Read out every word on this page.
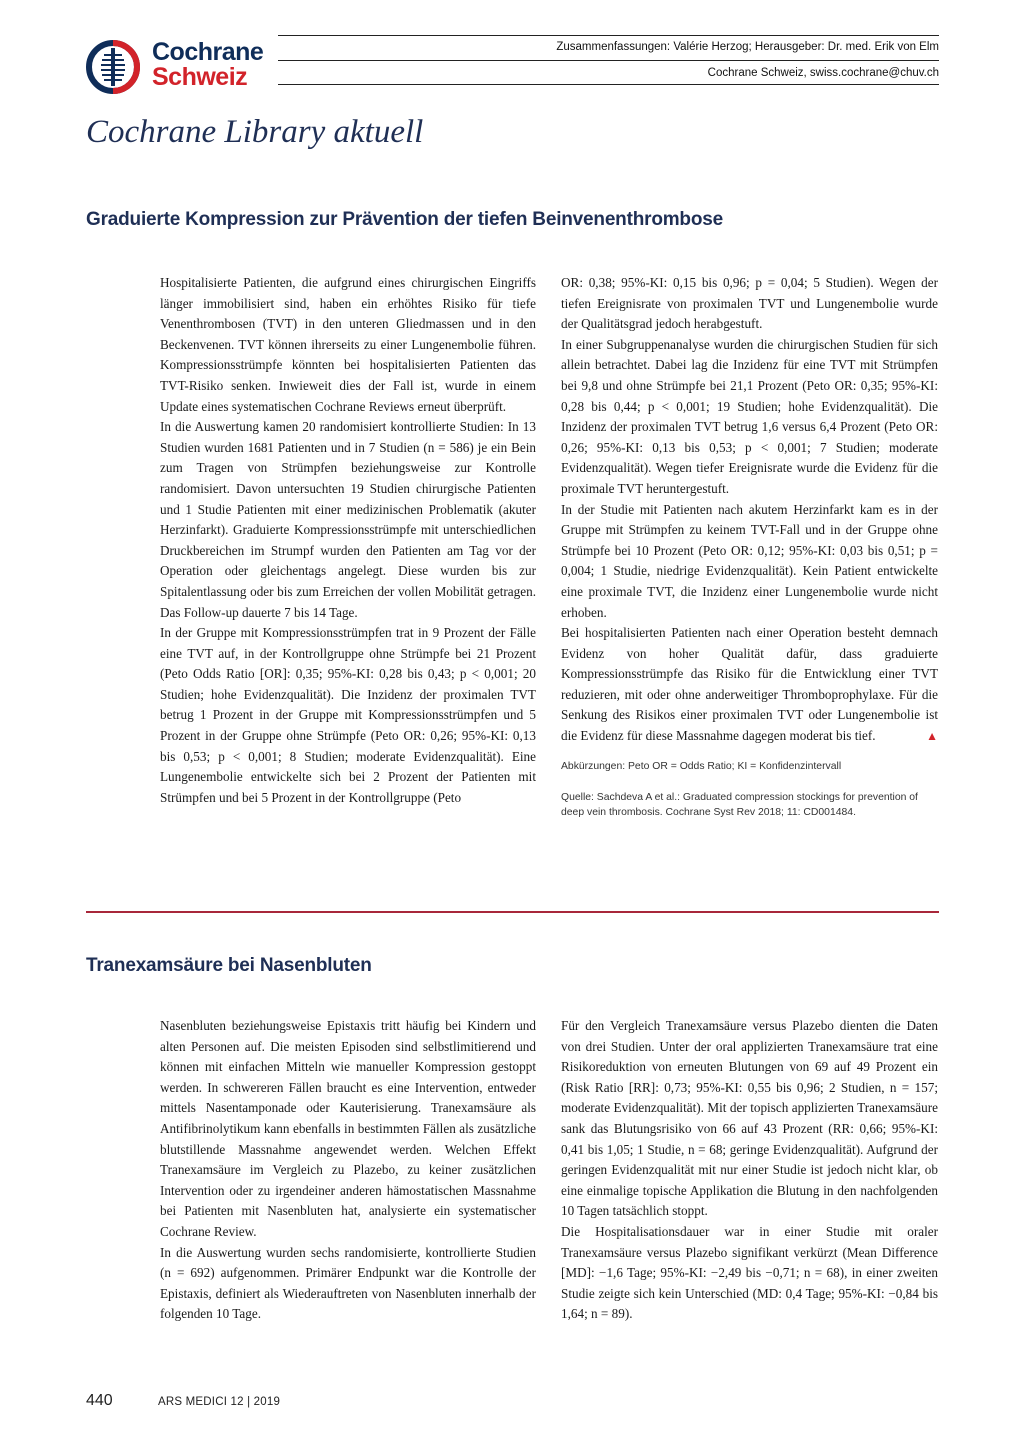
Cochrane
Schweiz
Zusammenfassungen: Valérie Herzog; Herausgeber: Dr. med. Erik von Elm
Cochrane Schweiz, swiss.cochrane@chuv.ch
Cochrane Library aktuell
Graduierte Kompression zur Prävention der tiefen Beinvenenthrombose

Hospitalisierte Patienten, die aufgrund eines chirurgischen Eingriffs länger immobilisiert sind, haben ein erhöhtes Risiko für tiefe Venenthrombosen (TVT) in den unteren Gliedmassen und in den Beckenvenen. TVT können ihrerseits zu einer Lungenembolie führen. Kompressionsstrümpfe könnten bei hospitalisierten Patienten das TVT-Risiko senken. Inwieweit dies der Fall ist, wurde in einem Update eines systematischen Cochrane Reviews erneut überprüft.

In die Auswertung kamen 20 randomisiert kontrollierte Studien: In 13 Studien wurden 1681 Patienten und in 7 Studien (n = 586) je ein Bein zum Tragen von Strümpfen beziehungsweise zur Kontrolle randomisiert. Davon untersuchten 19 Studien chirurgische Patienten und 1 Studie Patienten mit einer medizinischen Problematik (akuter Herzinfarkt). Graduierte Kompressionsstrümpfe mit unterschiedlichen Druckbereichen im Strumpf wurden den Patienten am Tag vor der Operation oder gleichentags angelegt. Diese wurden bis zur Spitalentlassung oder bis zum Erreichen der vollen Mobilität getragen. Das Follow-up dauerte 7 bis 14 Tage.

In der Gruppe mit Kompressionsstrümpfen trat in 9 Prozent der Fälle eine TVT auf, in der Kontrollgruppe ohne Strümpfe bei 21 Prozent (Peto Odds Ratio [OR]: 0,35; 95%-KI: 0,28 bis 0,43; p < 0,001; 20 Studien; hohe Evidenzqualität). Die Inzidenz der proximalen TVT betrug 1 Prozent in der Gruppe mit Kompressionsstrümpfen und 5 Prozent in der Gruppe ohne Strümpfe (Peto OR: 0,26; 95%-KI: 0,13 bis 0,53; p < 0,001; 8 Studien; moderate Evidenzqualität). Eine Lungenembolie entwickelte sich bei 2 Prozent der Patienten mit Strümpfen und bei 5 Prozent in der Kontrollgruppe (Peto

OR: 0,38; 95%-KI: 0,15 bis 0,96; p = 0,04; 5 Studien). Wegen der tiefen Ereignisrate von proximalen TVT und Lungenembolie wurde der Qualitätsgrad jedoch herabgestuft.

In einer Subgruppenanalyse wurden die chirurgischen Studien für sich allein betrachtet. Dabei lag die Inzidenz für eine TVT mit Strümpfen bei 9,8 und ohne Strümpfe bei 21,1 Prozent (Peto OR: 0,35; 95%-KI: 0,28 bis 0,44; p < 0,001; 19 Studien; hohe Evidenzqualität). Die Inzidenz der proximalen TVT betrug 1,6 versus 6,4 Prozent (Peto OR: 0,26; 95%-KI: 0,13 bis 0,53; p < 0,001; 7 Studien; moderate Evidenzqualität). Wegen tiefer Ereignisrate wurde die Evidenz für die proximale TVT heruntergestuft.

In der Studie mit Patienten nach akutem Herzinfarkt kam es in der Gruppe mit Strümpfen zu keinem TVT-Fall und in der Gruppe ohne Strümpfe bei 10 Prozent (Peto OR: 0,12; 95%-KI: 0,03 bis 0,51; p = 0,004; 1 Studie, niedrige Evidenzqualität). Kein Patient entwickelte eine proximale TVT, die Inzidenz einer Lungenembolie wurde nicht erhoben.

Bei hospitalisierten Patienten nach einer Operation besteht demnach Evidenz von hoher Qualität dafür, dass graduierte Kompressionsstrümpfe das Risiko für die Entwicklung einer TVT reduzieren, mit oder ohne anderweitiger Thromboprophylaxe. Für die Senkung des Risikos einer proximalen TVT oder Lungenembolie ist die Evidenz für diese Massnahme dagegen moderat bis tief.	▲

Abkürzungen: Peto OR = Odds Ratio; KI = Konfidenzintervall

Quelle: Sachdeva A et al.: Graduated compression stockings for prevention of deep vein thrombosis. Cochrane Syst Rev 2018; 11: CD001484.

Tranexamsäure bei Nasenbluten

Nasenbluten beziehungsweise Epistaxis tritt häufig bei Kindern und alten Personen auf. Die meisten Episoden sind selbstlimitierend und können mit einfachen Mitteln wie manueller Kompression gestoppt werden. In schwereren Fällen braucht es eine Intervention, entweder mittels Nasentamponade oder Kauterisierung. Tranexamsäure als Antifibrinolytikum kann ebenfalls in bestimmten Fällen als zusätzliche blutstillende Massnahme angewendet werden. Welchen Effekt Tranexamsäure im Vergleich zu Plazebo, zu keiner zusätzlichen Intervention oder zu irgendeiner anderen hämostatischen Massnahme bei Patienten mit Nasenbluten hat, analysierte ein systematischer Cochrane Review.

In die Auswertung wurden sechs randomisierte, kontrollierte Studien (n = 692) aufgenommen. Primärer Endpunkt war die Kontrolle der Epistaxis, definiert als Wiederauftreten von Nasenbluten innerhalb der folgenden 10 Tage.

Für den Vergleich Tranexamsäure versus Plazebo dienten die Daten von drei Studien. Unter der oral applizierten Tranexamsäure trat eine Risikoreduktion von erneuten Blutungen von 69 auf 49 Prozent ein (Risk Ratio [RR]: 0,73; 95%-KI: 0,55 bis 0,96; 2 Studien, n = 157; moderate Evidenzqualität). Mit der topisch applizierten Tranexamsäure sank das Blutungsrisiko von 66 auf 43 Prozent (RR: 0,66; 95%-KI: 0,41 bis 1,05; 1 Studie, n = 68; geringe Evidenzqualität). Aufgrund der geringen Evidenzqualität mit nur einer Studie ist jedoch nicht klar, ob eine einmalige topische Applikation die Blutung in den nachfolgenden 10 Tagen tatsächlich stoppt.

Die Hospitalisationsdauer war in einer Studie mit oraler Tranexamsäure versus Plazebo signifikant verkürzt (Mean Difference [MD]: −1,6 Tage; 95%-KI: −2,49 bis −0,71; n = 68), in einer zweiten Studie zeigte sich kein Unterschied (MD: 0,4 Tage; 95%-KI: −0,84 bis 1,64; n = 89).

440	ARS MEDICI 12 | 2019
